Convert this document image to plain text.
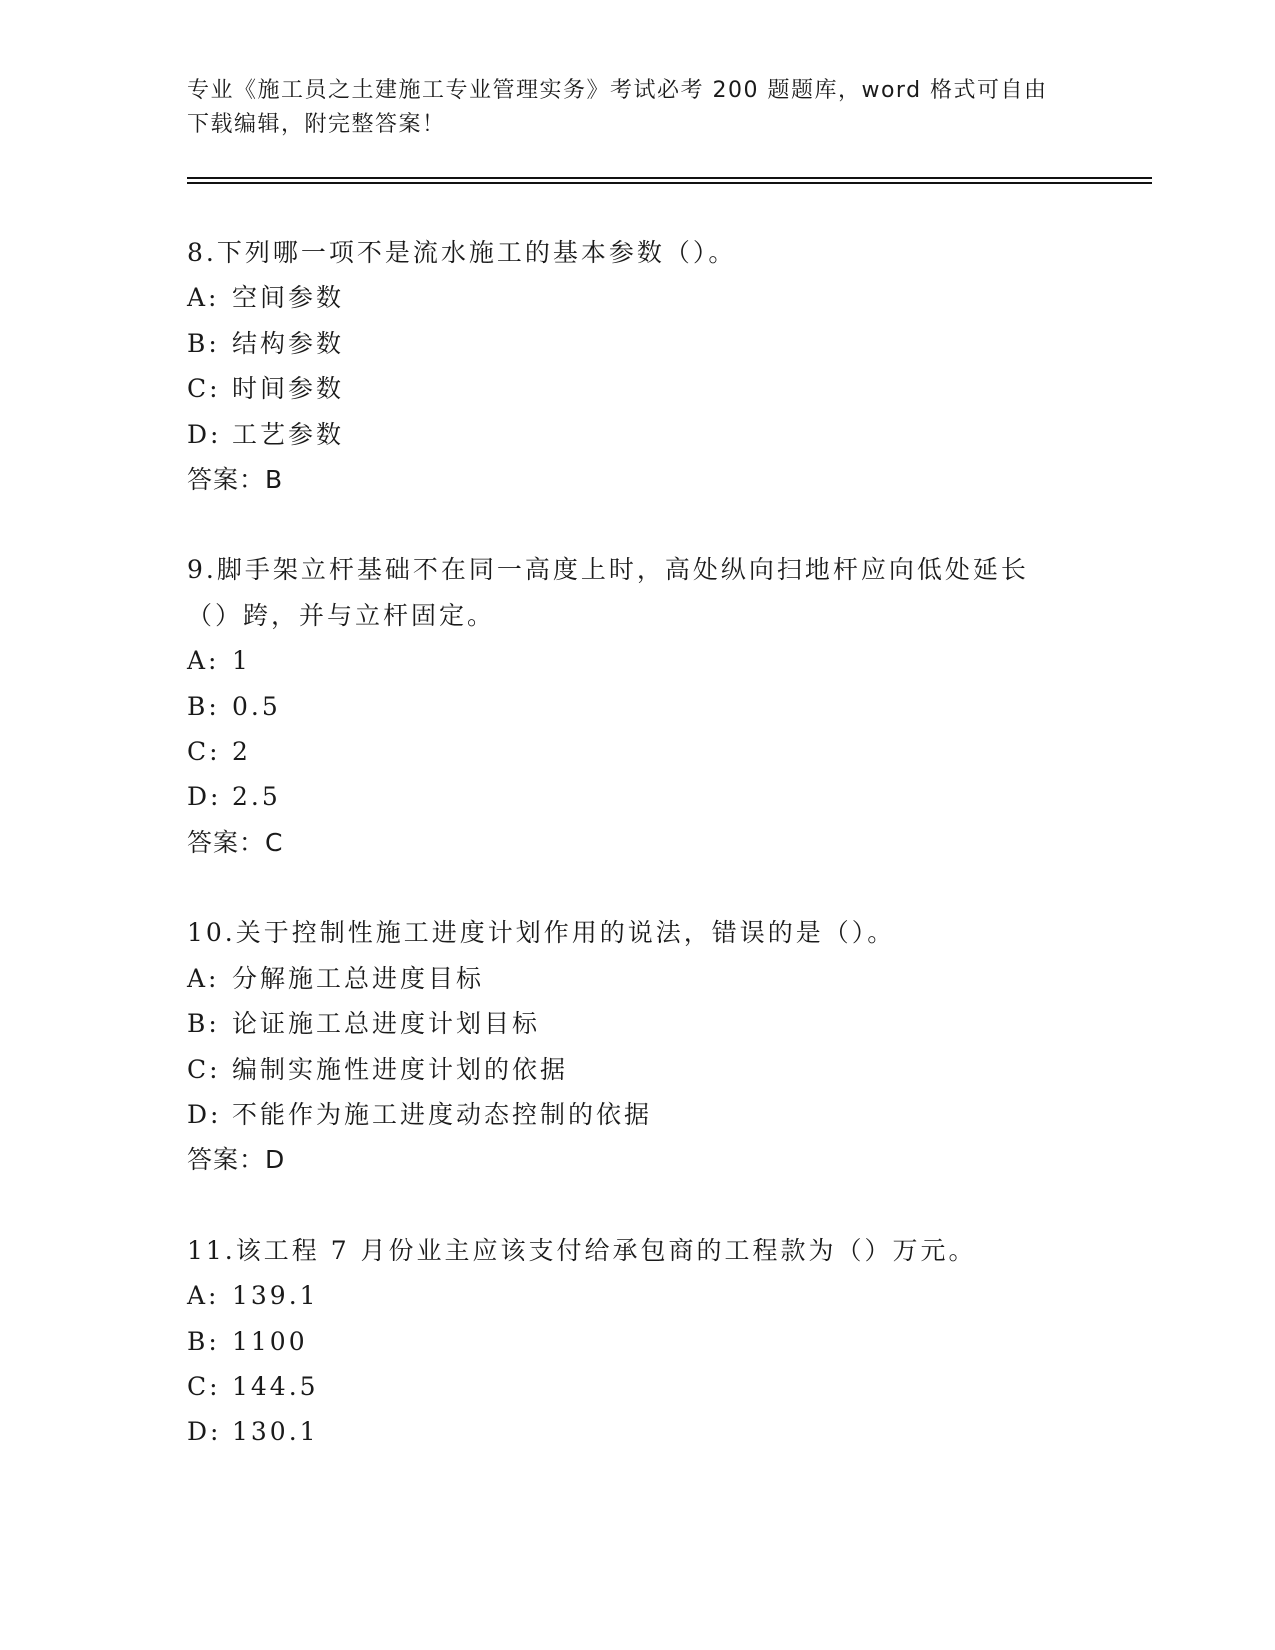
专业《施工员之土建施工专业管理实务》考试必考 200 题题库，word 格式可自由
下载编辑，附完整答案！
8.下列哪一项不是流水施工的基本参数（）。
A: 空间参数
B: 结构参数
C: 时间参数
D: 工艺参数
答案：B
9.脚手架立杆基础不在同一高度上时，高处纵向扫地杆应向低处延长
（）跨，并与立杆固定。
A: 1
B: 0.5
C: 2
D: 2.5
答案：C
10.关于控制性施工进度计划作用的说法，错误的是（）。
A: 分解施工总进度目标
B: 论证施工总进度计划目标
C: 编制实施性进度计划的依据
D: 不能作为施工进度动态控制的依据
答案：D
11.该工程 7 月份业主应该支付给承包商的工程款为（）万元。
A: 139.1
B: 1100
C: 144.5
D: 130.1
